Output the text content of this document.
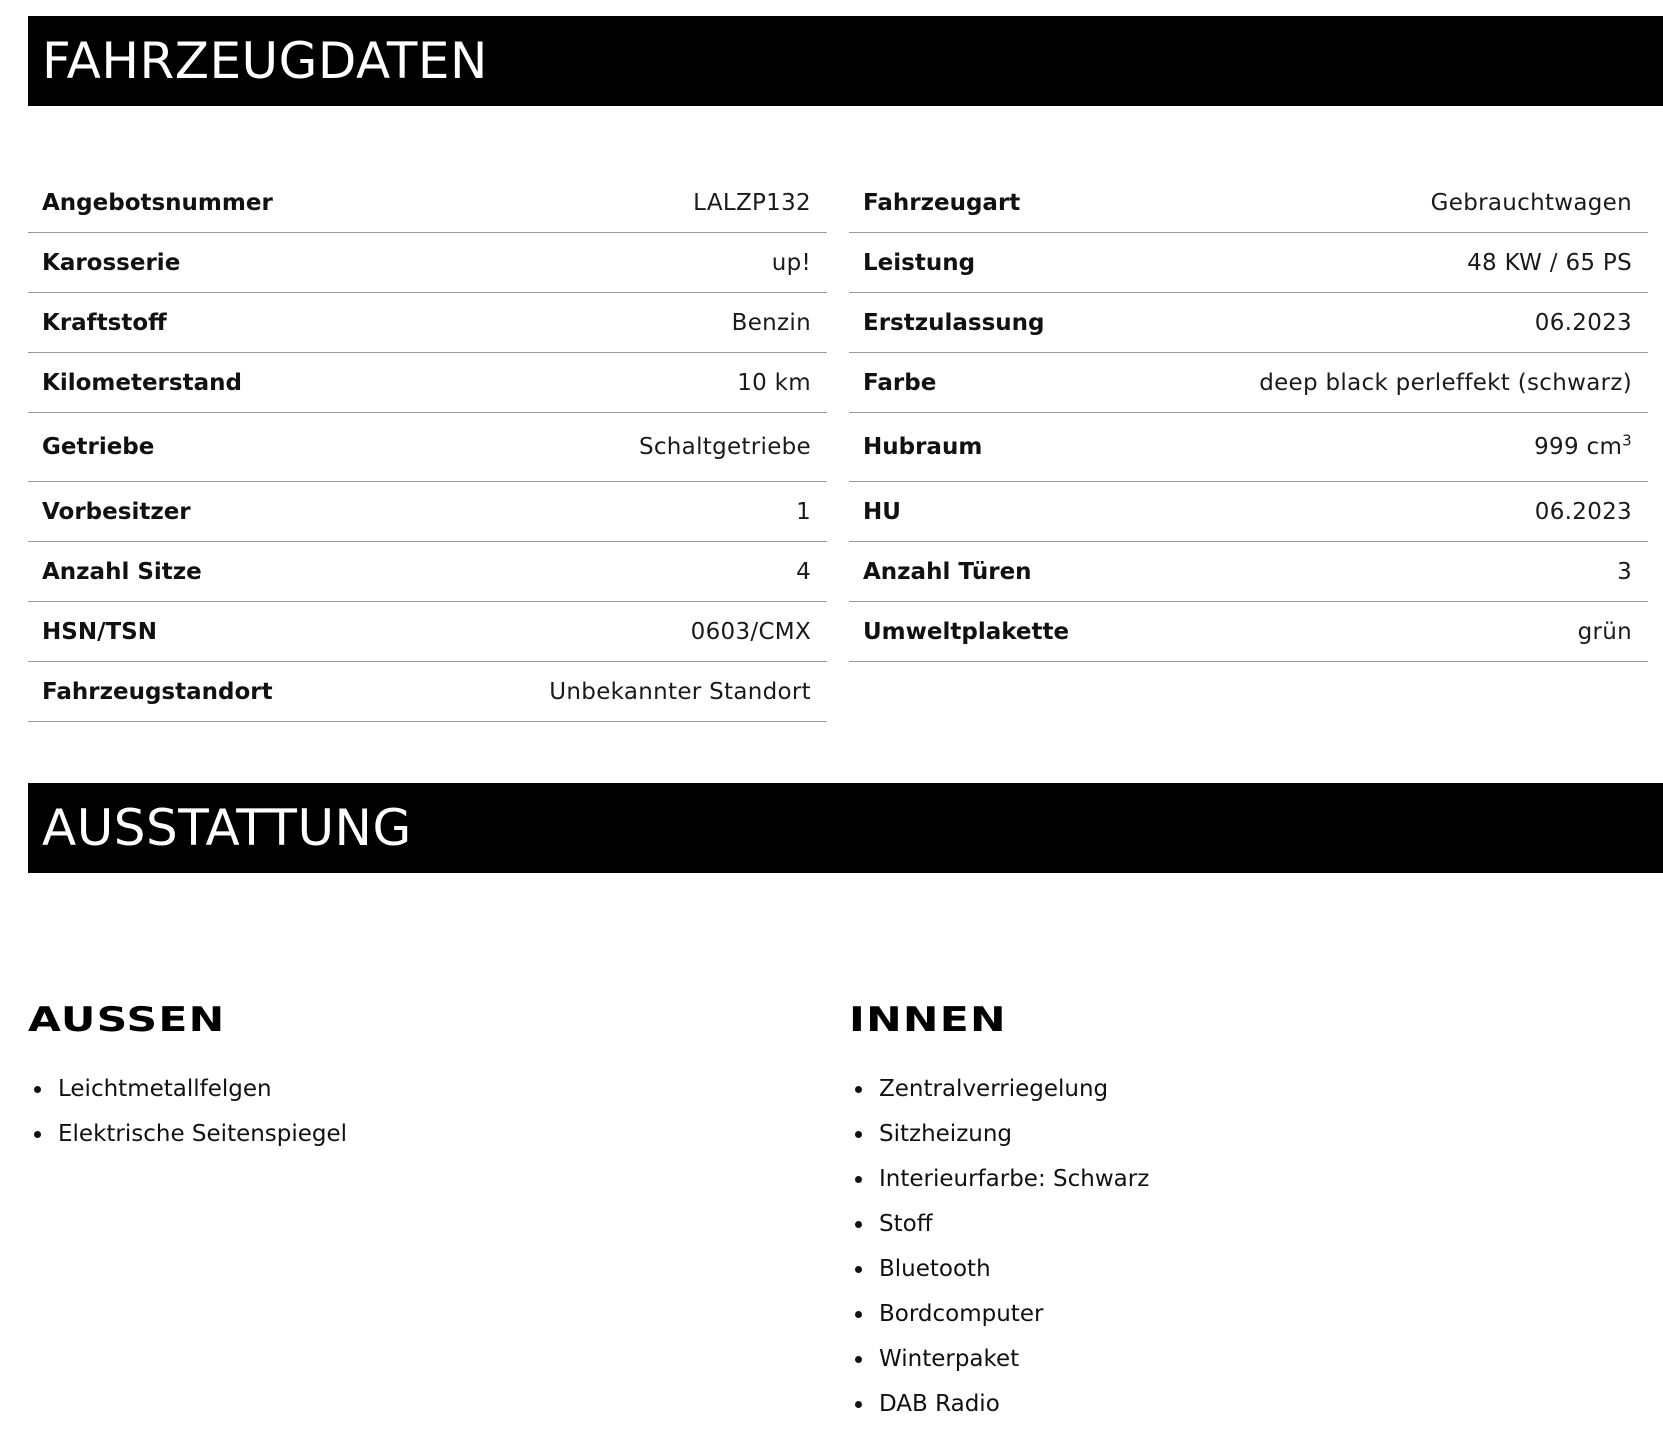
FAHRZEUGDATEN
Angebotsnummer	LALZP132
Karosserie	up!
Kraftstoff	Benzin
Kilometerstand	10 km
Getriebe	Schaltgetriebe
Vorbesitzer	1
Anzahl Sitze	4
HSN/TSN	0603/CMX
Fahrzeugstandort	Unbekannter Standort
Fahrzeugart	Gebrauchtwagen
Leistung	48 KW / 65 PS
Erstzulassung	06.2023
Farbe	deep black perleffekt (schwarz)
Hubraum	999 $cm^3$
HU	06.2023
Anzahl Türen	3
Umweltplakette	grün
AUSSTATTUNG
AUSSEN	INNEN
Leichtmetallfelgen
Elektrische Seitenspiegel
Zentralverriegelung
Sitzheizung
Interieurfarbe: Schwarz
Stoff
Bluetooth
Bordcomputer
Winterpaket
DAB Radio
